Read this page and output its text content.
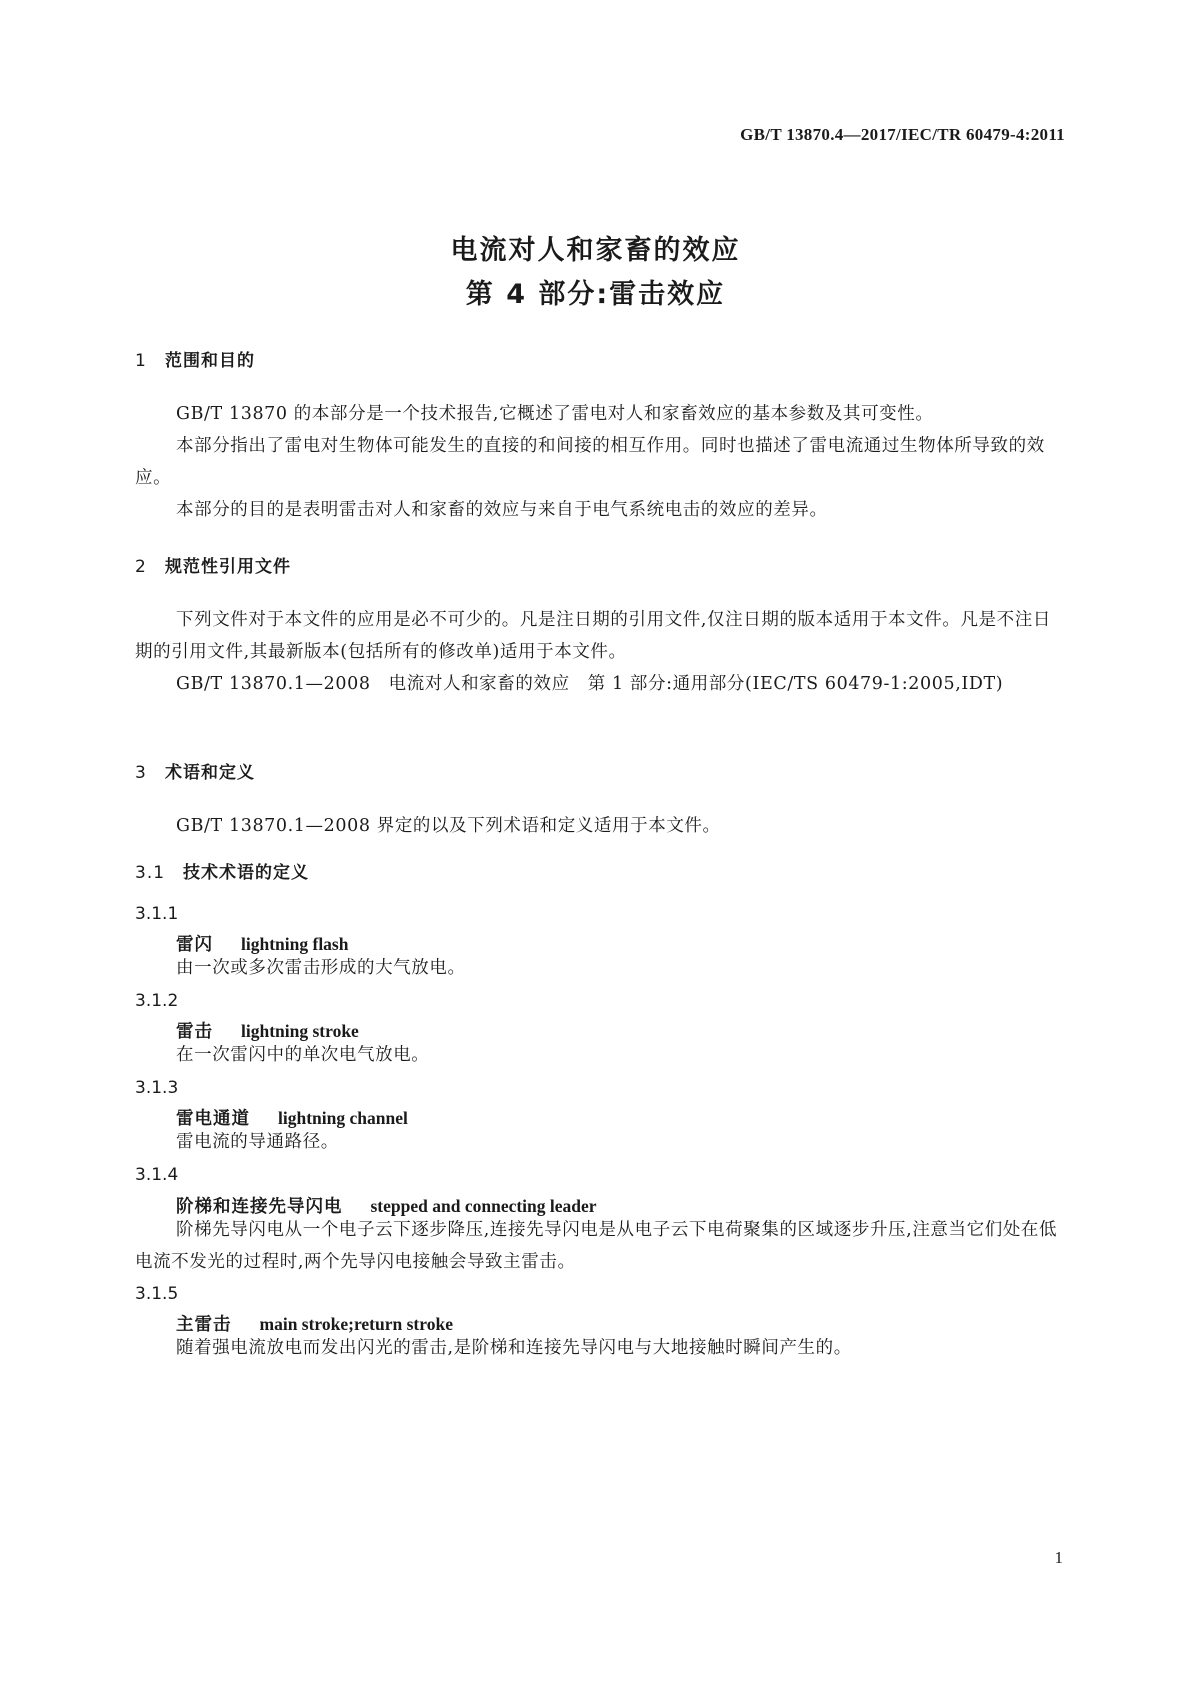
GB/T 13870.4—2017/IEC/TR 60479-4:2011
电流对人和家畜的效应
第 4 部分:雷击效应
1 范围和目的
GB/T 13870 的本部分是一个技术报告,它概述了雷电对人和家畜效应的基本参数及其可变性。
本部分指出了雷电对生物体可能发生的直接的和间接的相互作用。同时也描述了雷电流通过生物体所导致的效应。
本部分的目的是表明雷击对人和家畜的效应与来自于电气系统电击的效应的差异。
2 规范性引用文件
下列文件对于本文件的应用是必不可少的。凡是注日期的引用文件,仅注日期的版本适用于本文件。凡是不注日期的引用文件,其最新版本(包括所有的修改单)适用于本文件。
GB/T 13870.1—2008　电流对人和家畜的效应　第 1 部分:通用部分(IEC/TS 60479-1:2005,IDT)
3 术语和定义
GB/T 13870.1—2008 界定的以及下列术语和定义适用于本文件。
3.1 技术术语的定义
3.1.1
雷闪 lightning flash
由一次或多次雷击形成的大气放电。
3.1.2
雷击 lightning stroke
在一次雷闪中的单次电气放电。
3.1.3
雷电通道 lightning channel
雷电流的导通路径。
3.1.4
阶梯和连接先导闪电 stepped and connecting leader
阶梯先导闪电从一个电子云下逐步降压,连接先导闪电是从电子云下电荷聚集的区域逐步升压,注意当它们处在低电流不发光的过程时,两个先导闪电接触会导致主雷击。
3.1.5
主雷击 main stroke;return stroke
随着强电流放电而发出闪光的雷击,是阶梯和连接先导闪电与大地接触时瞬间产生的。
1
